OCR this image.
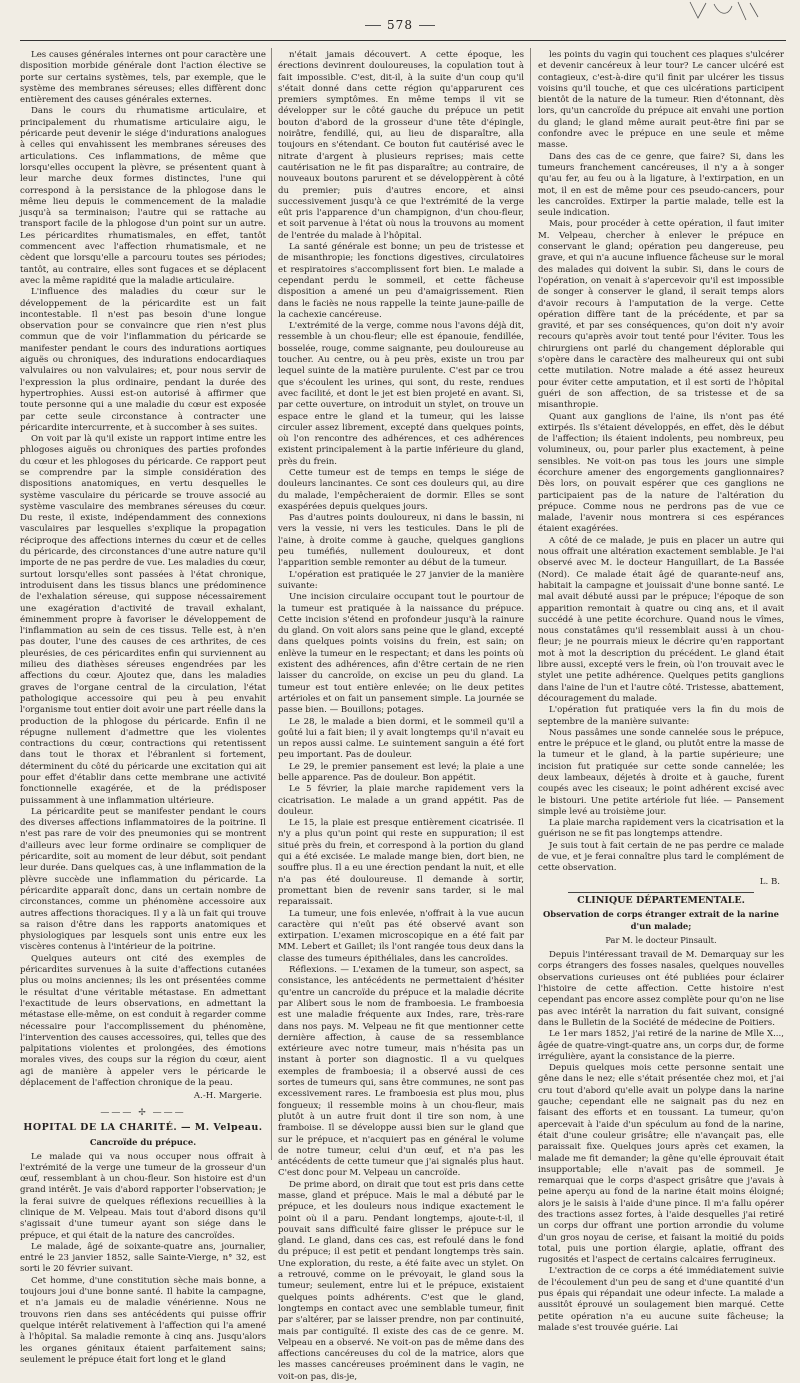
578

Les causes générales internes ont pour caractère une disposition morbide générale dont l'action élective se porte sur certains systèmes, tels, par exemple, que le système des membranes séreuses; elles diffèrent donc entièrement des causes générales externes.

Dans le cours du rhumatisme articulaire, et principalement du rhumatisme articulaire aigu, le péricarde peut devenir le siége d'indurations analogues à celles qui envahissent les membranes séreuses des articulations. Ces inflammations, de même que lorsqu'elles occupent la plèvre, se présentent quant à leur marche deux formes distinctes, l'une qui correspond à la persistance de la phlogose dans le même lieu depuis le commencement de la maladie jusqu'à sa terminaison; l'autre qui se rattache au transport facile de la phlogose d'un point sur un autre. Les péricardites rhumatismales, en effet, tantôt commencent avec l'affection rhumatismale, et ne cèdent que lorsqu'elle a parcouru toutes ses périodes; tantôt, au contraire, elles sont fugaces et se déplacent avec la même rapidité que la maladie articulaire.

L'influence des maladies du cœur sur le développement de la péricardite est un fait incontestable. Il n'est pas besoin d'une longue observation pour se convaincre que rien n'est plus commun que de voir l'inflammation du péricarde se manifester pendant le cours des indurations aortiques aiguës ou chroniques, des indurations endocardiaques valvulaires ou non valvulaires; et, pour nous servir de l'expression la plus ordinaire, pendant la durée des hypertrophies. Aussi est-on autorisé à affirmer que toute personne qui a une maladie du cœur est exposée par cette seule circonstance à contracter une péricardite intercurrente, et à succomber à ses suites.

On voit par là qu'il existe un rapport intime entre les phlogoses aiguës ou chroniques des parties profondes du cœur et les phlogoses du péricarde. Ce rapport peut se comprendre par la simple considération des dispositions anatomiques, en vertu desquelles le système vasculaire du péricarde se trouve associé au système vasculaire des membranes séreuses du cœur. Du reste, il existe, indépendamment des connexions vasculaires par lesquelles s'explique la propagation réciproque des affections internes du cœur et de celles du péricarde, des circonstances d'une autre nature qu'il importe de ne pas perdre de vue. Les maladies du cœur, surtout lorsqu'elles sont passées à l'état chronique, introduisent dans les tissus blancs une prédominence de l'exhalation séreuse, qui suppose nécessairement une exagération d'activité de travail exhalant, éminemment propre à favoriser le développement de l'inflammation au sein de ces tissus. Telle est, à n'en pas douter, l'une des causes de ces arthrites, de ces pleurésies, de ces péricardites enfin qui surviennent au milieu des diathèses séreuses engendrées par les affections du cœur. Ajoutez que, dans les maladies graves de l'organe central de la circulation, l'état pathologique accessoire qui peu à peu envahit l'organisme tout entier doit avoir une part réelle dans la production de la phlogose du péricarde. Enfin il ne répugne nullement d'admettre que les violentes contractions du cœur, contractions qui retentissent dans tout le thorax et l'ébranlent si fortement, déterminent du côté du péricarde une excitation qui ait pour effet d'établir dans cette membrane une activité fonctionnelle exagérée, et de la prédisposer puissamment à une inflammation ultérieure.

La péricardite peut se manifester pendant le cours des diverses affections inflammatoires de la poitrine. Il n'est pas rare de voir des pneumonies qui se montrent d'ailleurs avec leur forme ordinaire se compliquer de péricardite, soit au moment de leur début, soit pendant leur durée. Dans quelques cas, à une inflammation de la plèvre succède une inflammation du péricarde. La péricardite apparaît donc, dans un certain nombre de circonstances, comme un phénomène accessoire aux autres affections thoraciques. Il y a là un fait qui trouve sa raison d'être dans les rapports anatomiques et physiologiques par lesquels sont unis entre eux les viscères contenus à l'intérieur de la poitrine.

Quelques auteurs ont cité des exemples de péricardites survenues à la suite d'affections cutanées plus ou moins anciennes; ils les ont présentées comme le résultat d'une véritable métastase. En admettant l'exactitude de leurs observations, en admettant la métastase elle-même, on est conduit à regarder comme nécessaire pour l'accomplissement du phénomène, l'intervention des causes accessoires, qui, telles que des palpitations violentes et prolongées, des émotions morales vives, des coups sur la région du cœur, aient agi de manière à appeler vers le péricarde le déplacement de l'affection chronique de la peau.

A.-H. Margerie.
——— ✢ ———
HOPITAL DE LA CHARITÉ. — M. Velpeau.
Cancroïde du prépuce.

Le malade qui va nous occuper nous offrait à l'extrémité de la verge une tumeur de la grosseur d'un œuf, ressemblant à un chou-fleur. Son histoire est d'un grand intérêt. Je vais d'abord rapporter l'observation; je la ferai suivre de quelques réflexions recueillies à la clinique de M. Velpeau. Mais tout d'abord disons qu'il s'agissait d'une tumeur ayant son siége dans le prépuce, et qui était de la nature des cancroïdes.

Le malade, âgé de soixante-quatre ans, journalier, entré le 23 janvier 1852, salle Sainte-Vierge, n° 32, est sorti le 20 février suivant.

Cet homme, d'une constitution sèche mais bonne, a toujours joui d'une bonne santé. Il habite la campagne, et n'a jamais eu de maladie vénérienne. Nous ne trouvons rien dans ses antécédents qui puisse offrir quelque intérêt relativement à l'affection qui l'a amené à l'hôpital. Sa maladie remonte à cinq ans. Jusqu'alors les organes génitaux étaient parfaitement sains; seulement le prépuce était fort long et le gland

n'était jamais découvert. A cette époque, les érections devinrent douloureuses, la copulation tout à fait impossible. C'est, dit-il, à la suite d'un coup qu'il s'était donné dans cette région qu'apparurent ces premiers symptômes. En même temps il vit se développer sur le côté gauche du prépuce un petit bouton d'abord de la grosseur d'une tête d'épingle, noirâtre, fendillé, qui, au lieu de disparaître, alla toujours en s'étendant. Ce bouton fut cautérisé avec le nitrate d'argent à plusieurs reprises; mais cette cautérisation ne le fit pas disparaître; au contraire, de nouveaux boutons parurent et se développèrent à côté du premier; puis d'autres encore, et ainsi successivement jusqu'à ce que l'extrémité de la verge eût pris l'apparence d'un champignon, d'un chou-fleur, et soit parvenue à l'état où nous la trouvons au moment de l'entrée du malade à l'hôpital.

La santé générale est bonne; un peu de tristesse et de misanthropie; les fonctions digestives, circulatoires et respiratoires s'accomplissent fort bien. Le malade a cependant perdu le sommeil, et cette fâcheuse disposition a amené un peu d'amaigrissement. Rien dans le faciès ne nous rappelle la teinte jaune-paille de la cachexie cancéreuse.

L'extrémité de la verge, comme nous l'avons déjà dit, ressemble à un chou-fleur; elle est épanouie, fendillée, bosselée, rouge, comme saignante, peu douloureuse au toucher. Au centre, ou à peu près, existe un trou par lequel suinte de la matière purulente. C'est par ce trou que s'écoulent les urines, qui sont, du reste, rendues avec facilité, et dont le jet est bien projeté en avant. Si, par cette ouverture, on introduit un stylet, on trouve un espace entre le gland et la tumeur, qui les laisse circuler assez librement, excepté dans quelques points, où l'on rencontre des adhérences, et ces adhérences existent principalement à la partie inférieure du gland, près du frein.

Cette tumeur est de temps en temps le siége de douleurs lancinantes. Ce sont ces douleurs qui, au dire du malade, l'empêcheraient de dormir. Elles se sont exaspérées depuis quelques jours.

Pas d'autres points douloureux, ni dans le bassin, ni vers la vessie, ni vers les testicules. Dans le pli de l'aine, à droite comme à gauche, quelques ganglions peu tuméfiés, nullement douloureux, et dont l'apparition semble remonter au début de la tumeur.

L'opération est pratiquée le 27 janvier de la manière suivante:

Une incision circulaire occupant tout le pourtour de la tumeur est pratiquée à la naissance du prépuce. Cette incision s'étend en profondeur jusqu'à la rainure du gland. On voit alors sans peine que le gland, excepté dans quelques points voisins du frein, est sain; on enlève la tumeur en le respectant; et dans les points où existent des adhérences, afin d'être certain de ne rien laisser du cancroïde, on excise un peu du gland. La tumeur est tout entière enlevée; on lie deux petites artérioles et on fait un pansement simple. La journée se passe bien. — Bouillons; potages.

Le 28, le malade a bien dormi, et le sommeil qu'il a goûté lui a fait bien; il y avait longtemps qu'il n'avait eu un repos aussi calme. Le suintement sanguin a été fort peu important. Pas de douleur.

Le 29, le premier pansement est levé; la plaie a une belle apparence. Pas de douleur. Bon appétit.

Le 5 février, la plaie marche rapidement vers la cicatrisation. Le malade a un grand appétit. Pas de douleur.

Le 15, la plaie est presque entièrement cicatrisée. Il n'y a plus qu'un point qui reste en suppuration; il est situé près du frein, et correspond à la portion du gland qui a été excisée. Le malade mange bien, dort bien, ne souffre plus. Il a eu une érection pendant la nuit, et elle n'a pas été douloureuse. Il demande à sortir, promettant bien de revenir sans tarder, si le mal reparaissait.

La tumeur, une fois enlevée, n'offrait à la vue aucun caractère qui n'eût pas été observé avant son extirpation. L'examen microscopique en a été fait par MM. Lebert et Gaillet; ils l'ont rangée tous deux dans la classe des tumeurs épithéliales, dans les cancroïdes.

Réflexions. — L'examen de la tumeur, son aspect, sa consistance, les antécédents ne permettaient d'hésiter qu'entre un cancroïde du prépuce et la maladie décrite par Alibert sous le nom de framboesia. Le framboesia est une maladie fréquente aux Indes, rare, très-rare dans nos pays. M. Velpeau ne fit que mentionner cette dernière affection, à cause de sa ressemblance extérieure avec notre tumeur, mais n'hésita pas un instant à porter son diagnostic. Il a vu quelques exemples de framboesia; il a observé aussi de ces sortes de tumeurs qui, sans être communes, ne sont pas excessivement rares. Le framboesia est plus mou, plus fongueux; il ressemble moins à un chou-fleur, mais plutôt à un autre fruit dont il tire son nom, à une framboise. Il se développe aussi bien sur le gland que sur le prépuce, et n'acquiert pas en général le volume de notre tumeur, celui d'un œuf, et n'a pas les antécédents de cette tumeur que j'ai signalés plus haut. C'est donc pour M. Velpeau un cancroïde.

De prime abord, on dirait que tout est pris dans cette masse, gland et prépuce. Mais le mal a débuté par le prépuce, et les douleurs nous indique exactement le point où il a paru. Pendant longtemps, ajoute-t-il, il pouvait sans difficulté faire glisser le prépuce sur le gland. Le gland, dans ces cas, est refoulé dans le fond du prépuce; il est petit et pendant longtemps très sain. Une exploration, du reste, a été faite avec un stylet. On a retrouvé, comme on le prévoyait, le gland sous la tumeur; seulement, entre lui et le prépuce, existaient quelques points adhérents. C'est que le gland, longtemps en contact avec une semblable tumeur, finit par s'altérer, par se laisser prendre, non par continuité, mais par contiguïté. Il existe des cas de ce genre. M. Velpeau en a observé. Ne voit-on pas de même dans des affections cancéreuses du col de la matrice, alors que les masses cancéreuses proéminent dans le vagin, ne voit-on pas, dis-je,

les points du vagin qui touchent ces plaques s'ulcérer et devenir cancéreux à leur tour? Le cancer ulcéré est contagieux, c'est-à-dire qu'il finit par ulcérer les tissus voisins qu'il touche, et que ces ulcérations participent bientôt de la nature de la tumeur. Rien d'étonnant, dès lors, qu'un cancroïde du prépuce ait envahi une portion du gland; le gland même aurait peut-être fini par se confondre avec le prépuce en une seule et même masse.

Dans des cas de ce genre, que faire? Si, dans les tumeurs franchement cancéreuses, il n'y a à songer qu'au fer, au feu ou à la ligature, à l'extirpation, en un mot, il en est de même pour ces pseudo-cancers, pour les cancroïdes. Extirper la partie malade, telle est la seule indication.

Mais, pour procéder à cette opération, il faut imiter M. Velpeau, chercher à enlever le prépuce en conservant le gland; opération peu dangereuse, peu grave, et qui n'a aucune influence fâcheuse sur le moral des malades qui doivent la subir. Si, dans le cours de l'opération, on venait à s'apercevoir qu'il est impossible de songer à conserver le gland, il serait temps alors d'avoir recours à l'amputation de la verge. Cette opération diffère tant de la précédente, et par sa gravité, et par ses conséquences, qu'on doit n'y avoir recours qu'après avoir tout tenté pour l'éviter. Tous les chirurgiens ont parlé du changement déplorable qui s'opère dans le caractère des malheureux qui ont subi cette mutilation. Notre malade a été assez heureux pour éviter cette amputation, et il est sorti de l'hôpital guéri de son affection, de sa tristesse et de sa misanthropie.

Quant aux ganglions de l'aine, ils n'ont pas été extirpés. Ils s'étaient développés, en effet, dès le début de l'affection; ils étaient indolents, peu nombreux, peu volumineux, ou, pour parler plus exactement, à peine sensibles. Ne voit-on pas tous les jours une simple écorchure amener des engorgements ganglionnaires? Dès lors, on pouvait espérer que ces ganglions ne participaient pas de la nature de l'altération du prépuce. Comme nous ne perdrons pas de vue ce malade, l'avenir nous montrera si ces espérances étaient exagérées.

A côté de ce malade, je puis en placer un autre qui nous offrait une altération exactement semblable. Je l'ai observé avec M. le docteur Hanguillart, de La Bassée (Nord). Ce malade était âgé de quarante-neuf ans, habitait la campagne et jouissait d'une bonne santé. Le mal avait débuté aussi par le prépuce; l'époque de son apparition remontait à quatre ou cinq ans, et il avait succédé à une petite écorchure. Quand nous le vîmes, nous constatâmes qu'il ressemblait aussi à un chou-fleur; je ne pourrais mieux le décrire qu'en rapportant mot à mot la description du précédent. Le gland était libre aussi, excepté vers le frein, où l'on trouvait avec le stylet une petite adhérence. Quelques petits ganglions dans l'aine de l'un et l'autre côté. Tristesse, abattement, découragement du malade.

L'opération fut pratiquée vers la fin du mois de septembre de la manière suivante:

Nous passâmes une sonde cannelée sous le prépuce, entre le prépuce et le gland, ou plutôt entre la masse de la tumeur et le gland, à la partie supérieure; une incision fut pratiquée sur cette sonde cannelée; les deux lambeaux, déjetés à droite et à gauche, furent coupés avec les ciseaux; le point adhérent excisé avec le bistouri. Une petite artériole fut liée. — Pansement simple levé au troisième jour.

La plaie marcha rapidement vers la cicatrisation et la guérison ne se fit pas longtemps attendre.

Je suis tout à fait certain de ne pas perdre ce malade de vue, et je ferai connaître plus tard le complément de cette observation.

L. B.
CLINIQUE DÉPARTEMENTALE.
Observation de corps étranger extrait de la narine d'un malade;
Par M. le docteur Pinsault.

Depuis l'intéressant travail de M. Demarquay sur les corps étrangers des fosses nasales, quelques nouvelles observations curieuses ont été publiées pour éclairer l'histoire de cette affection. Cette histoire n'est cependant pas encore assez complète pour qu'on ne lise pas avec intérêt la narration du fait suivant, consigné dans le Bulletin de la Société de médecine de Poitiers.

Le 1er mars 1852, j'ai retiré de la narine de Mlle X..., âgée de quatre-vingt-quatre ans, un corps dur, de forme irrégulière, ayant la consistance de la pierre.

Depuis quelques mois cette personne sentait une gêne dans le nez; elle s'était présentée chez moi, et j'ai cru tout d'abord qu'elle avait un polype dans la narine gauche; cependant elle ne saignait pas du nez en faisant des efforts et en toussant. La tumeur, qu'on apercevait à l'aide d'un spéculum au fond de la narine, était d'une couleur grisâtre; elle n'avançait pas, elle paraissait fixe. Quelques jours après cet examen, la malade me fit demander; la gêne qu'elle éprouvait était insupportable; elle n'avait pas de sommeil. Je remarquai que le corps d'aspect grisâtre que j'avais à peine aperçu au fond de la narine était moins éloigné; alors je le saisis à l'aide d'une pince. Il m'a fallu opérer des tractions assez fortes, à l'aide desquelles j'ai retiré un corps dur offrant une portion arrondie du volume d'un gros noyau de cerise, et faisant la moitié du poids total, puis une portion élargie, aplatie, offrant des rugosités et l'aspect de certains calcaires ferrugineux.

L'extraction de ce corps a été immédiatement suivie de l'écoulement d'un peu de sang et d'une quantité d'un pus épais qui répandait une odeur infecte. La malade a aussitôt éprouvé un soulagement bien marqué. Cette petite opération n'a eu aucune suite fâcheuse; la malade s'est trouvée guérie. Lai
